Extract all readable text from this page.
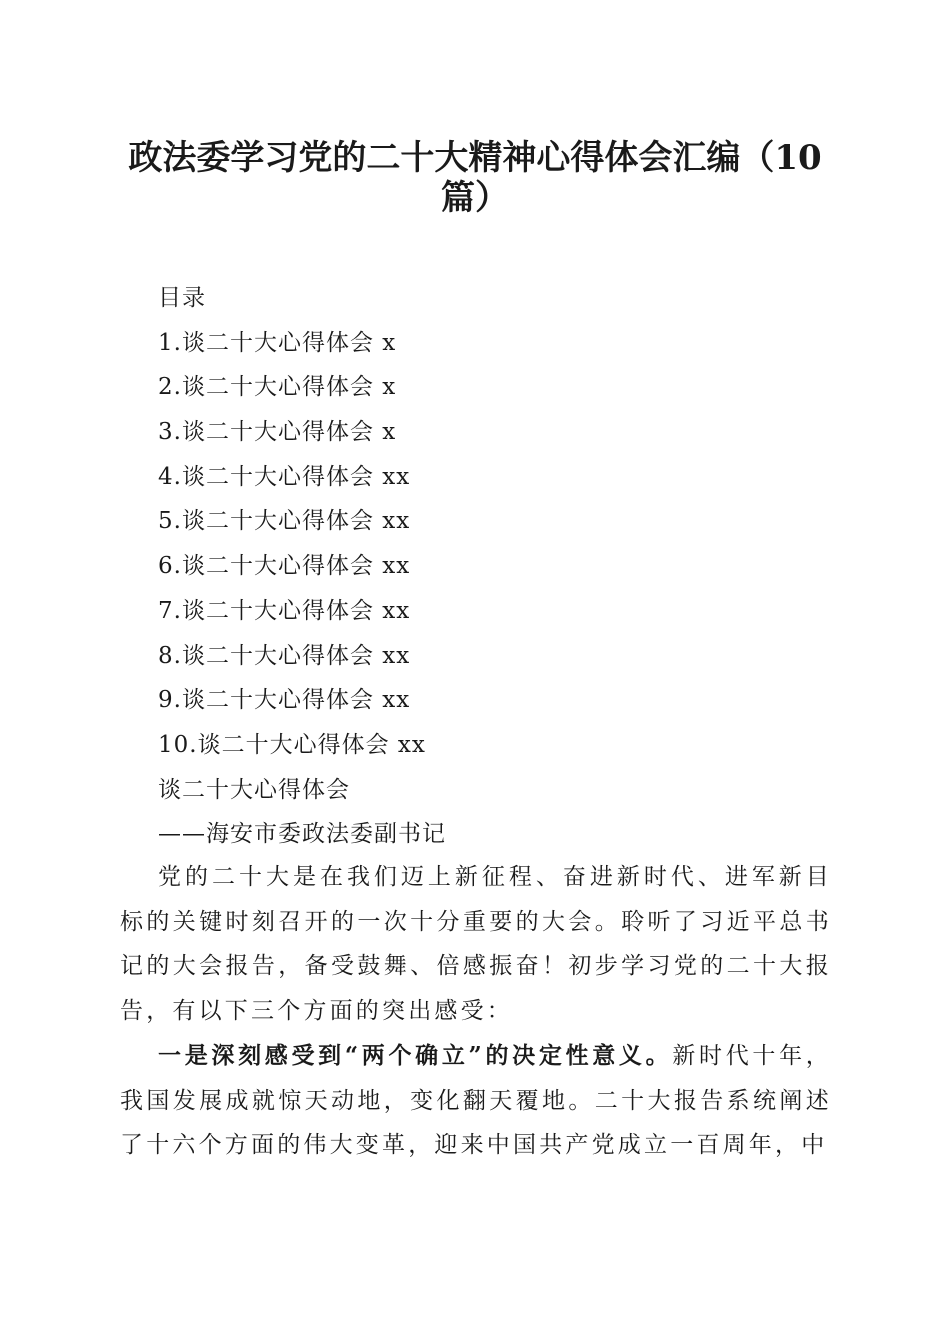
政法委学习党的二十大精神心得体会汇编（10
篇）
目录
1.谈二十大心得体会 x
2.谈二十大心得体会 x
3.谈二十大心得体会 x
4.谈二十大心得体会 xx
5.谈二十大心得体会 xx
6.谈二十大心得体会 xx
7.谈二十大心得体会 xx
8.谈二十大心得体会 xx
9.谈二十大心得体会 xx
10.谈二十大心得体会 xx
谈二十大心得体会
——海安市委政法委副书记

党的二十大是在我们迈上新征程、奋进新时代、进军新目标的关键时刻召开的一次十分重要的大会。聆听了习近平总书记的大会报告，备受鼓舞、倍感振奋！初步学习党的二十大报告，有以下三个方面的突出感受：

一是深刻感受到“两个确立”的决定性意义。新时代十年，我国发展成就惊天动地，变化翻天覆地。二十大报告系统阐述了十六个方面的伟大变革，迎来中国共产党成立一百周年，中
